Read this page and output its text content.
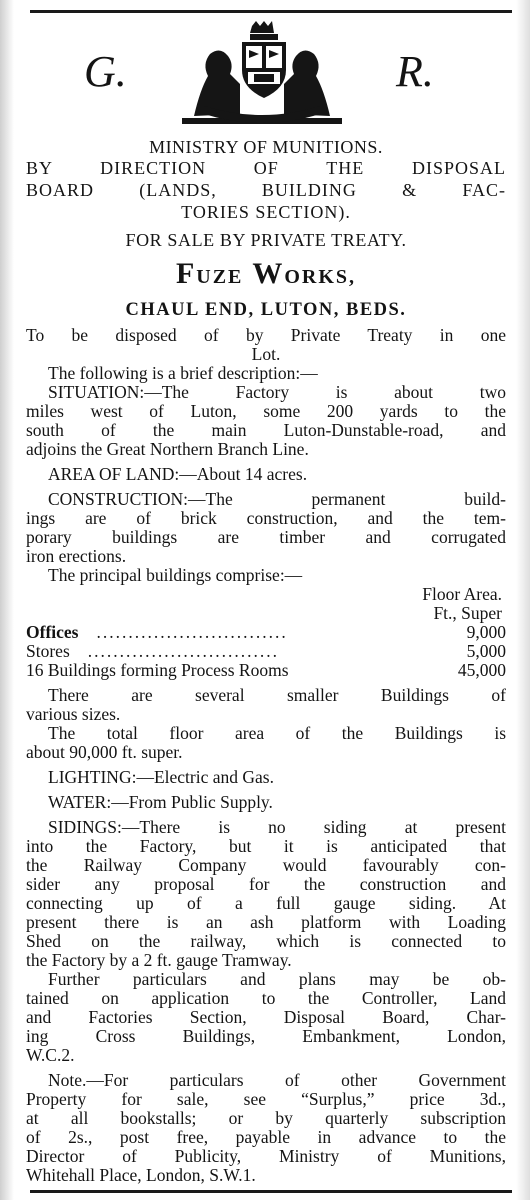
G.	R.

MINISTRY OF MUNITIONS.

BY DIRECTION OF THE DISPOSAL

BOARD (LANDS, BUILDING & FAC-

TORIES SECTION).

FOR SALE BY PRIVATE TREATY.

FUZE WORKS,

CHAUL END, LUTON, BEDS.

To be disposed of by Private Treaty in one

Lot.

The following is a brief description:—

SITUATION:—The Factory is about two

miles west of Luton, some 200 yards to the

south of the main Luton-Dunstable-road, and

adjoins the Great Northern Branch Line.

AREA OF LAND:—About 14 acres.

CONSTRUCTION:—The permanent build-

ings are of brick construction, and the tem-

porary buildings are timber and corrugated

iron erections.

The principal buildings comprise:—

Floor Area.

Ft., Super

Offices	..............................	9,000
Stores	..............................	5,000
16 Buildings forming Process Rooms	45,000

There are several smaller Buildings of

various sizes.

The total floor area of the Buildings is

about 90,000 ft. super.

LIGHTING:—Electric and Gas.

WATER:—From Public Supply.

SIDINGS:—There is no siding at present

into the Factory, but it is anticipated that

the Railway Company would favourably con-

sider any proposal for the construction and

connecting up of a full gauge siding. At

present there is an ash platform with Loading

Shed on the railway, which is connected to

the Factory by a 2 ft. gauge Tramway.

Further particulars and plans may be ob-

tained on application to the Controller, Land

and Factories Section, Disposal Board, Char-

ing Cross Buildings, Embankment, London,

W.C.2.

Note.—For particulars of other Government

Property for sale, see “Surplus,” price 3d.,

at all bookstalls; or by quarterly subscription

of 2s., post free, payable in advance to the

Director of Publicity, Ministry of Munitions,

Whitehall Place, London, S.W.1.
